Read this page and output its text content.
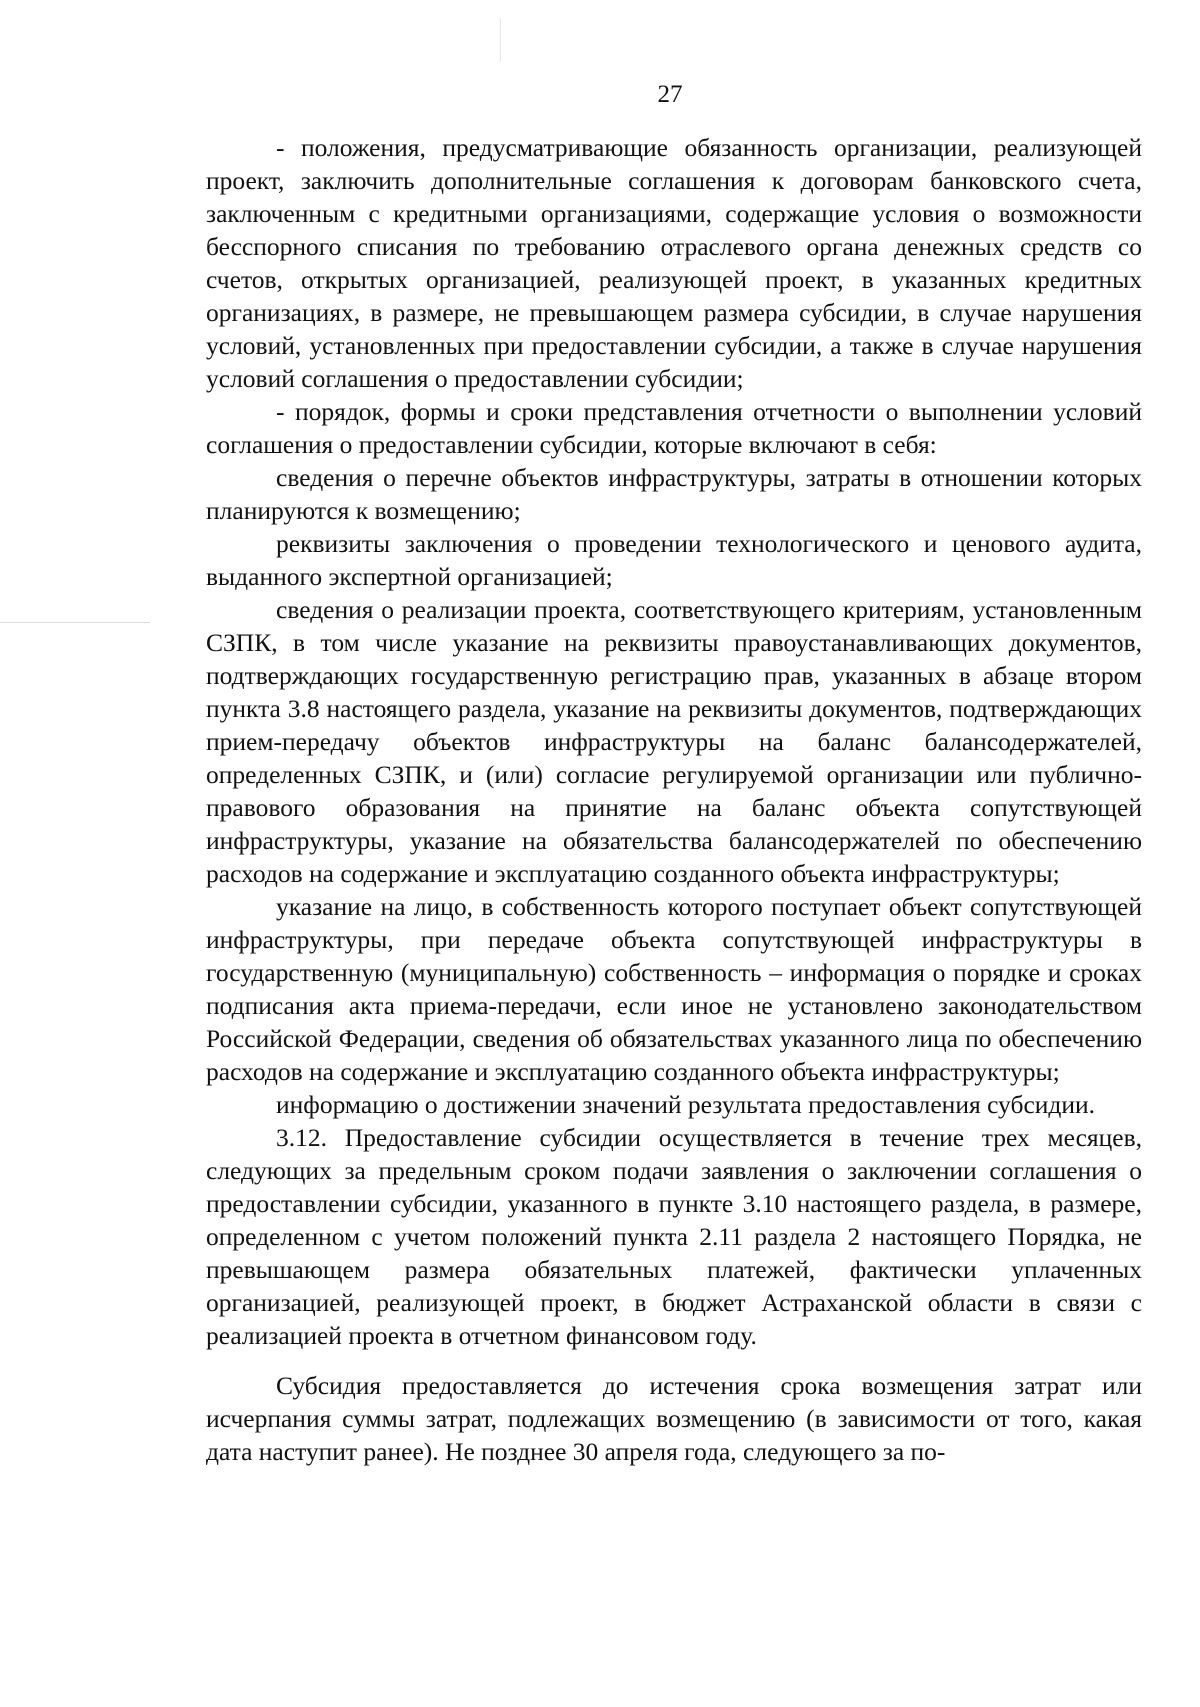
27

- положения, предусматривающие обязанность организации, реализующей проект, заключить дополнительные соглашения к договорам банковского счета, заключенным с кредитными организациями, содержащие условия о возможности бесспорного списания по требованию отраслевого органа денежных средств со счетов, открытых организацией, реализующей проект, в указанных кредитных организациях, в размере, не превышающем размера субсидии, в случае нарушения условий, установленных при предоставлении субсидии, а также в случае нарушения условий соглашения о предоставлении субсидии;

- порядок, формы и сроки представления отчетности о выполнении условий соглашения о предоставлении субсидии, которые включают в себя:

сведения о перечне объектов инфраструктуры, затраты в отношении которых планируются к возмещению;

реквизиты заключения о проведении технологического и ценового аудита, выданного экспертной организацией;

сведения о реализации проекта, соответствующего критериям, установленным СЗПК, в том числе указание на реквизиты правоустанавливающих документов, подтверждающих государственную регистрацию прав, указанных в абзаце втором пункта 3.8 настоящего раздела, указание на реквизиты документов, подтверждающих прием-передачу объектов инфраструктуры на баланс балансодержателей, определенных СЗПК, и (или) согласие регулируемой организации или публично-правового образования на принятие на баланс объекта сопутствующей инфраструктуры, указание на обязательства балансодержателей по обеспечению расходов на содержание и эксплуатацию созданного объекта инфраструктуры;

указание на лицо, в собственность которого поступает объект сопутствующей инфраструктуры, при передаче объекта сопутствующей инфраструктуры в государственную (муниципальную) собственность – информация о порядке и сроках подписания акта приема-передачи, если иное не установлено законодательством Российской Федерации, сведения об обязательствах указанного лица по обеспечению расходов на содержание и эксплуатацию созданного объекта инфраструктуры;

информацию о достижении значений результата предоставления субсидии.

3.12. Предоставление субсидии осуществляется в течение трех месяцев, следующих за предельным сроком подачи заявления о заключении соглашения о предоставлении субсидии, указанного в пункте 3.10 настоящего раздела, в размере, определенном с учетом положений пункта 2.11 раздела 2 настоящего Порядка, не превышающем размера обязательных платежей, фактически уплаченных организацией, реализующей проект, в бюджет Астраханской области в связи с реализацией проекта в отчетном финансовом году.

Субсидия предоставляется до истечения срока возмещения затрат или исчерпания суммы затрат, подлежащих возмещению (в зависимости от того, какая дата наступит ранее). Не позднее 30 апреля года, следующего за по-
